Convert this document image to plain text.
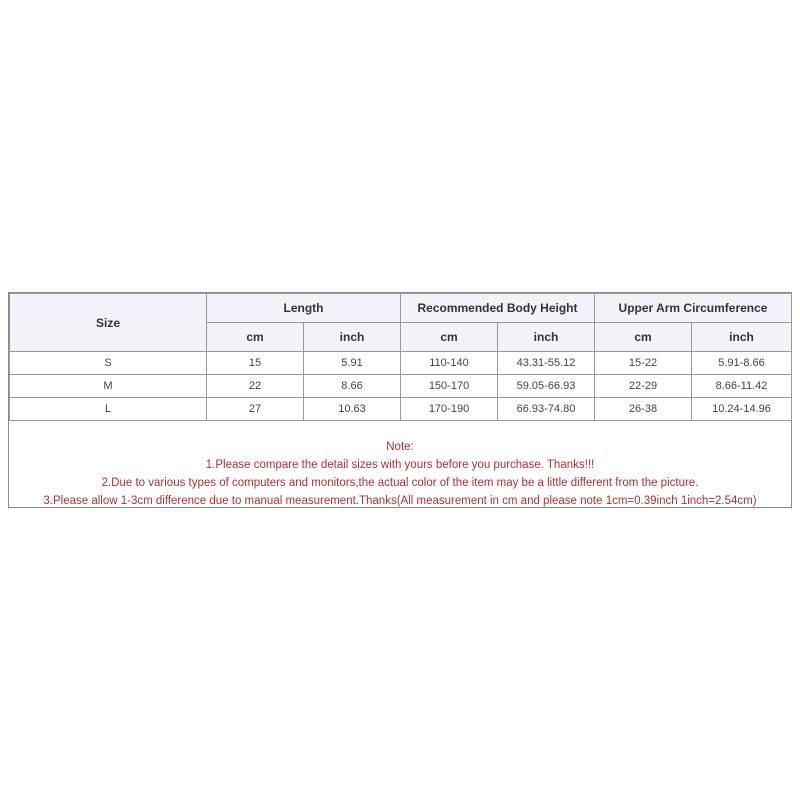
Size	Length		Recommended Body Height		Upper Arm Circumference	
	cm	inch	cm	inch	cm	inch
S	15	5.91	110-140	43.31-55.12	15-22	5.91-8.66
M	22	8.66	150-170	59.05-66.93	22-29	8.66-11.42
L	27	10.63	170-190	66.93-74.80	26-38	10.24-14.96
Note:
1.Please compare the detail sizes with yours before you purchase. Thanks!!!
2.Due to various types of computers and monitors,the actual color of the item may be a little different from the picture.
3.Please allow 1-3cm difference due to manual measurement.Thanks(All measurement in cm and please note 1cm=0.39inch 1inch=2.54cm)
